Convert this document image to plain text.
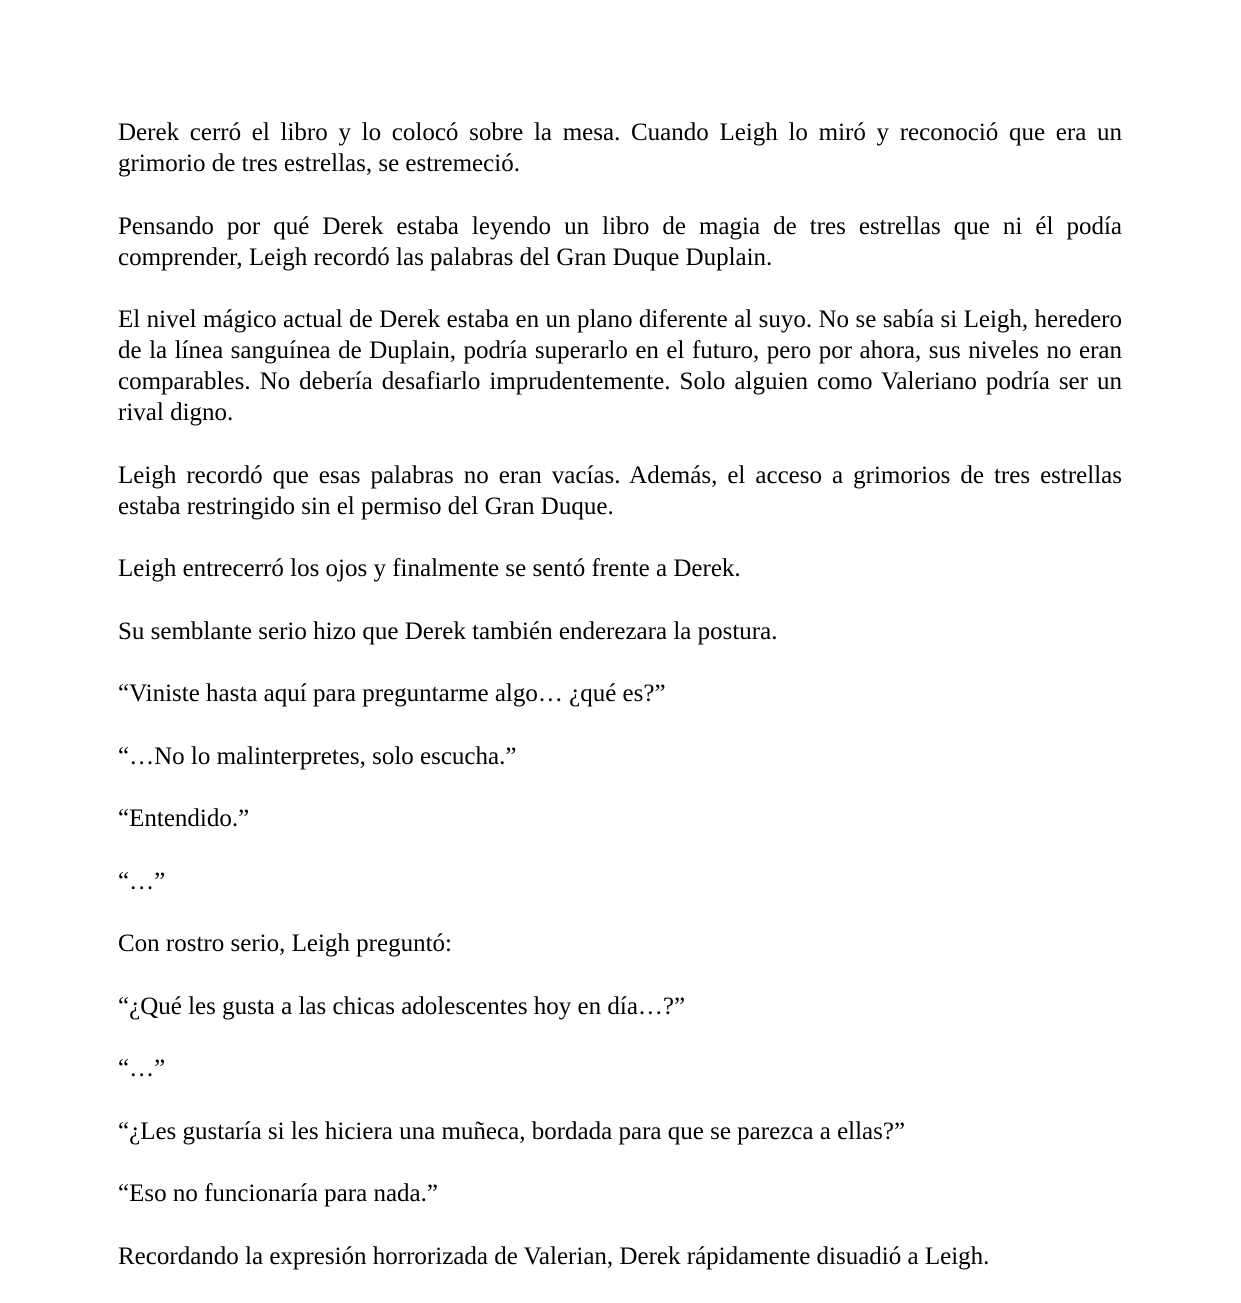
Derek cerró el libro y lo colocó sobre la mesa. Cuando Leigh lo miró y reconoció que era un grimorio de tres estrellas, se estremeció.

Pensando por qué Derek estaba leyendo un libro de magia de tres estrellas que ni él podía comprender, Leigh recordó las palabras del Gran Duque Duplain.

El nivel mágico actual de Derek estaba en un plano diferente al suyo. No se sabía si Leigh, heredero de la línea sanguínea de Duplain, podría superarlo en el futuro, pero por ahora, sus niveles no eran comparables. No debería desafiarlo imprudentemente. Solo alguien como Valeriano podría ser un rival digno.

Leigh recordó que esas palabras no eran vacías. Además, el acceso a grimorios de tres estrellas estaba restringido sin el permiso del Gran Duque.

Leigh entrecerró los ojos y finalmente se sentó frente a Derek.

Su semblante serio hizo que Derek también enderezara la postura.

“Viniste hasta aquí para preguntarme algo… ¿qué es?”

“…No lo malinterpretes, solo escucha.”

“Entendido.”

“…”

Con rostro serio, Leigh preguntó:

“¿Qué les gusta a las chicas adolescentes hoy en día…?”

“…”

“¿Les gustaría si les hiciera una muñeca, bordada para que se parezca a ellas?”

“Eso no funcionaría para nada.”

Recordando la expresión horrorizada de Valerian, Derek rápidamente disuadió a Leigh.
